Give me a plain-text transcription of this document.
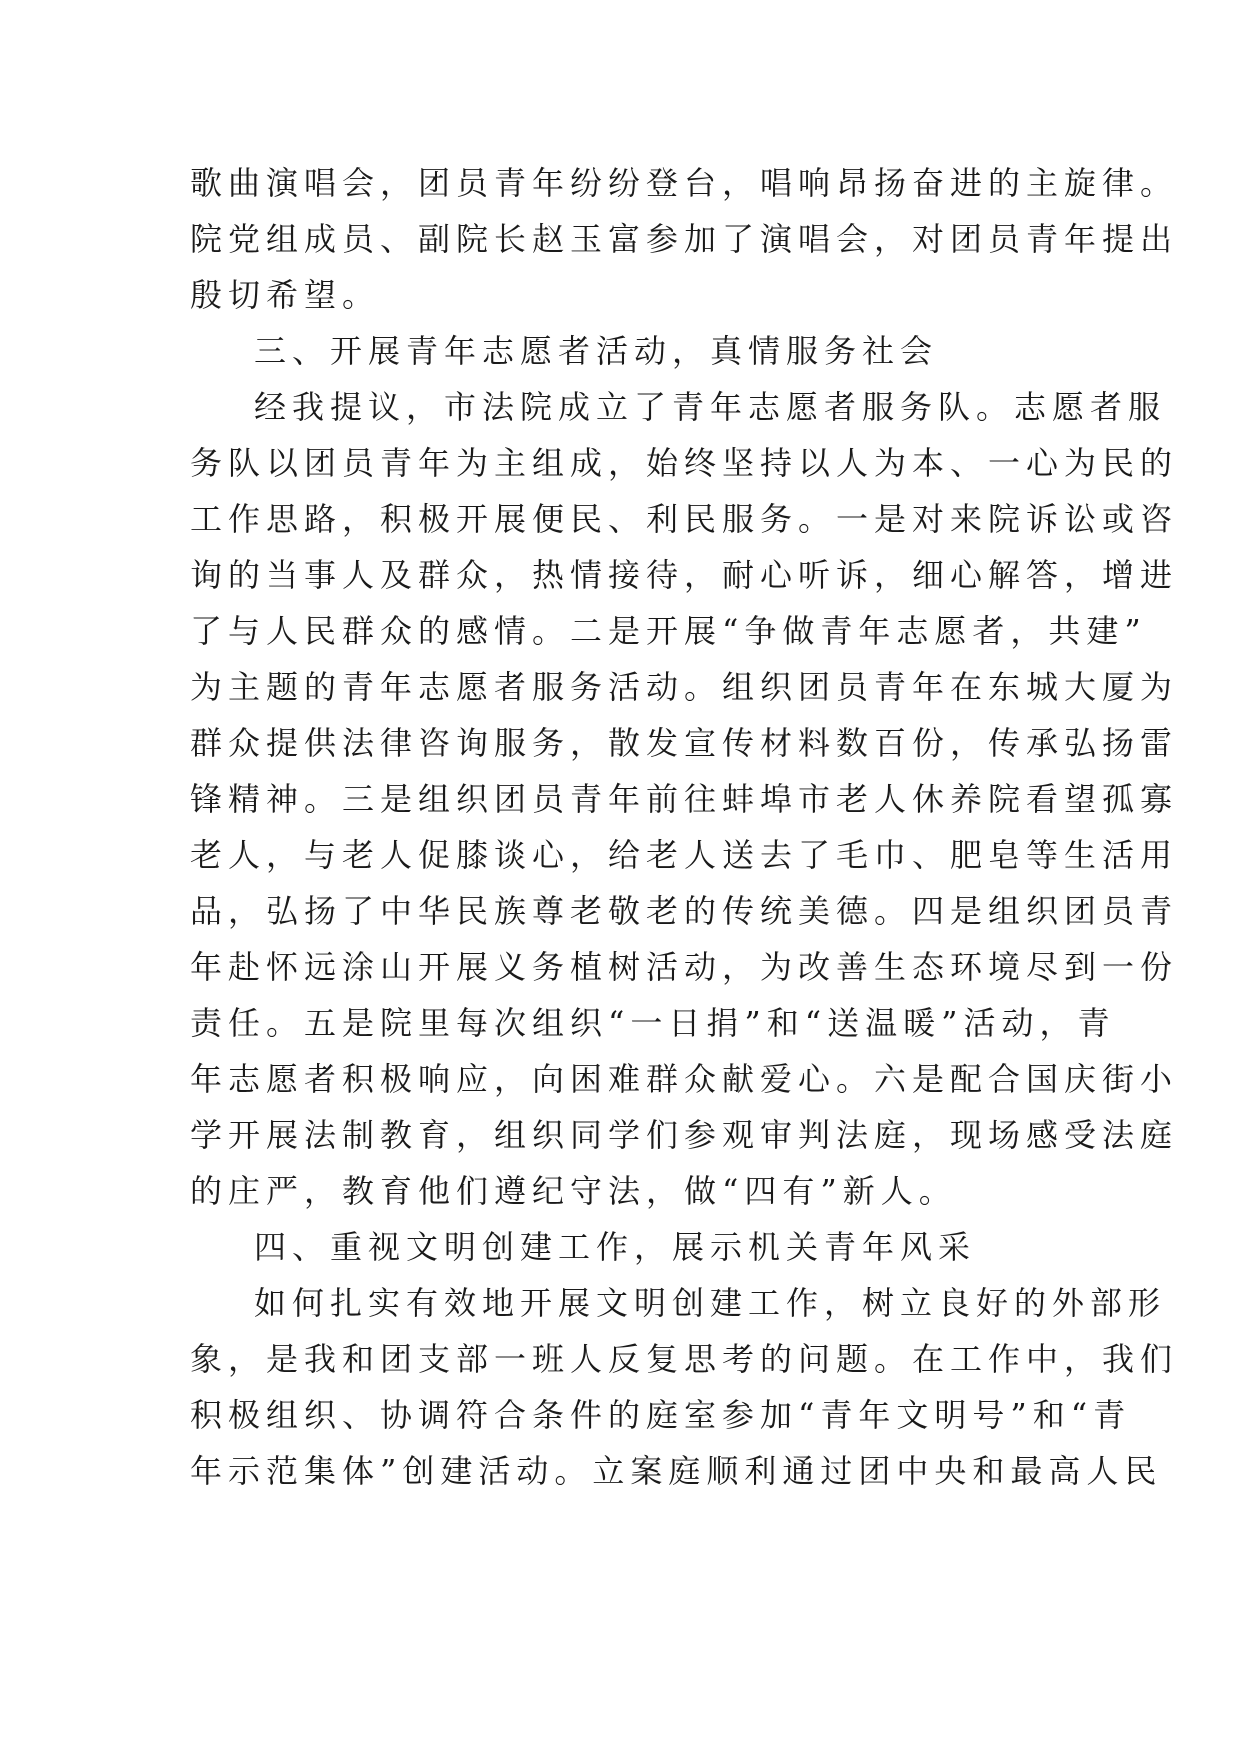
歌曲演唱会，团员青年纷纷登台，唱响昂扬奋进的主旋律。
院党组成员、副院长赵玉富参加了演唱会，对团员青年提出
殷切希望。
三、开展青年志愿者活动，真情服务社会
经我提议，市法院成立了青年志愿者服务队。志愿者服
务队以团员青年为主组成，始终坚持以人为本、一心为民的
工作思路，积极开展便民、利民服务。一是对来院诉讼或咨
询的当事人及群众，热情接待，耐心听诉，细心解答，增进
了与人民群众的感情。二是开展“争做青年志愿者，共建”
为主题的青年志愿者服务活动。组织团员青年在东城大厦为
群众提供法律咨询服务，散发宣传材料数百份，传承弘扬雷
锋精神。三是组织团员青年前往蚌埠市老人休养院看望孤寡
老人，与老人促膝谈心，给老人送去了毛巾、肥皂等生活用
品，弘扬了中华民族尊老敬老的传统美德。四是组织团员青
年赴怀远涂山开展义务植树活动，为改善生态环境尽到一份
责任。五是院里每次组织“一日捐”和“送温暖”活动，青
年志愿者积极响应，向困难群众献爱心。六是配合国庆街小
学开展法制教育，组织同学们参观审判法庭，现场感受法庭
的庄严，教育他们遵纪守法，做“四有”新人。
四、重视文明创建工作，展示机关青年风采
如何扎实有效地开展文明创建工作，树立良好的外部形
象，是我和团支部一班人反复思考的问题。在工作中，我们
积极组织、协调符合条件的庭室参加“青年文明号”和“青
年示范集体”创建活动。立案庭顺利通过团中央和最高人民
